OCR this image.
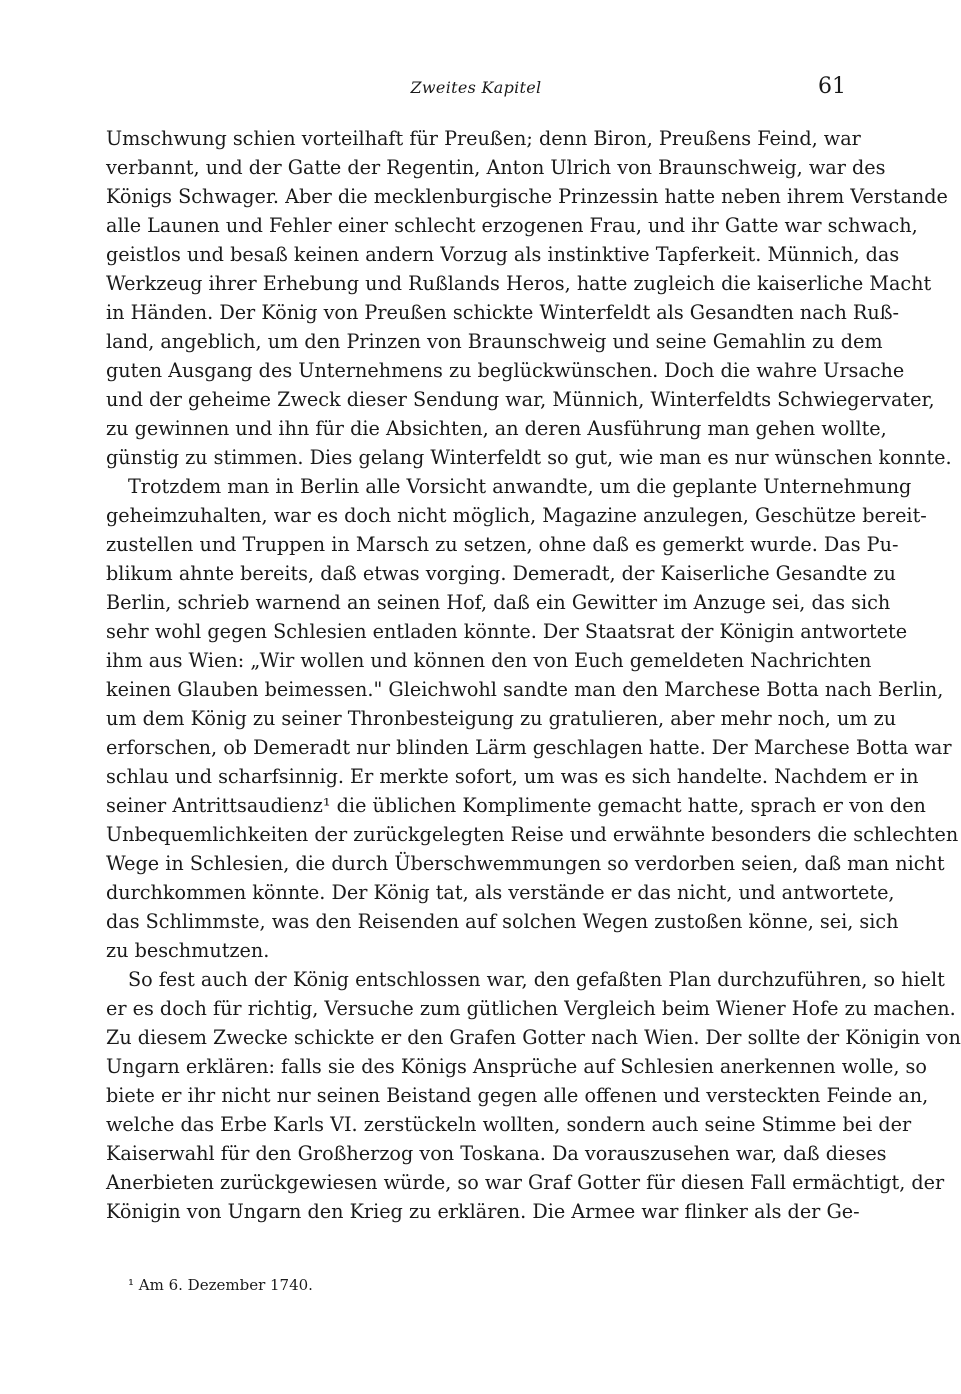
Zweites Kapitel	61
Umschwung schien vorteilhaft für Preußen; denn Biron, Preußens Feind, war
verbannt, und der Gatte der Regentin, Anton Ulrich von Braunschweig, war des
Königs Schwager. Aber die mecklenburgische Prinzessin hatte neben ihrem Verstande
alle Launen und Fehler einer schlecht erzogenen Frau, und ihr Gatte war schwach,
geistlos und besaß keinen andern Vorzug als instinktive Tapferkeit. Münnich, das
Werkzeug ihrer Erhebung und Rußlands Heros, hatte zugleich die kaiserliche Macht
in Händen. Der König von Preußen schickte Winterfeldt als Gesandten nach Ruß-
land, angeblich, um den Prinzen von Braunschweig und seine Gemahlin zu dem
guten Ausgang des Unternehmens zu beglückwünschen. Doch die wahre Ursache
und der geheime Zweck dieser Sendung war, Münnich, Winterfeldts Schwiegervater,
zu gewinnen und ihn für die Absichten, an deren Ausführung man gehen wollte,
günstig zu stimmen. Dies gelang Winterfeldt so gut, wie man es nur wünschen konnte.
Trotzdem man in Berlin alle Vorsicht anwandte, um die geplante Unternehmung
geheimzuhalten, war es doch nicht möglich, Magazine anzulegen, Geschütze bereit-
zustellen und Truppen in Marsch zu setzen, ohne daß es gemerkt wurde. Das Pu-
blikum ahnte bereits, daß etwas vorging. Demeradt, der Kaiserliche Gesandte zu
Berlin, schrieb warnend an seinen Hof, daß ein Gewitter im Anzuge sei, das sich
sehr wohl gegen Schlesien entladen könnte. Der Staatsrat der Königin antwortete
ihm aus Wien: „Wir wollen und können den von Euch gemeldeten Nachrichten
keinen Glauben beimessen." Gleichwohl sandte man den Marchese Botta nach Berlin,
um dem König zu seiner Thronbesteigung zu gratulieren, aber mehr noch, um zu
erforschen, ob Demeradt nur blinden Lärm geschlagen hatte. Der Marchese Botta war
schlau und scharfsinnig. Er merkte sofort, um was es sich handelte. Nachdem er in
seiner Antrittsaudienz¹ die üblichen Komplimente gemacht hatte, sprach er von den
Unbequemlichkeiten der zurückgelegten Reise und erwähnte besonders die schlechten
Wege in Schlesien, die durch Überschwemmungen so verdorben seien, daß man nicht
durchkommen könnte. Der König tat, als verstände er das nicht, und antwortete,
das Schlimmste, was den Reisenden auf solchen Wegen zustoßen könne, sei, sich
zu beschmutzen.
So fest auch der König entschlossen war, den gefaßten Plan durchzuführen, so hielt
er es doch für richtig, Versuche zum gütlichen Vergleich beim Wiener Hofe zu machen.
Zu diesem Zwecke schickte er den Grafen Gotter nach Wien. Der sollte der Königin von
Ungarn erklären: falls sie des Königs Ansprüche auf Schlesien anerkennen wolle, so
biete er ihr nicht nur seinen Beistand gegen alle offenen und versteckten Feinde an,
welche das Erbe Karls VI. zerstückeln wollten, sondern auch seine Stimme bei der
Kaiserwahl für den Großherzog von Toskana. Da vorauszusehen war, daß dieses
Anerbieten zurückgewiesen würde, so war Graf Gotter für diesen Fall ermächtigt, der
Königin von Ungarn den Krieg zu erklären. Die Armee war flinker als der Ge-
¹ Am 6. Dezember 1740.
